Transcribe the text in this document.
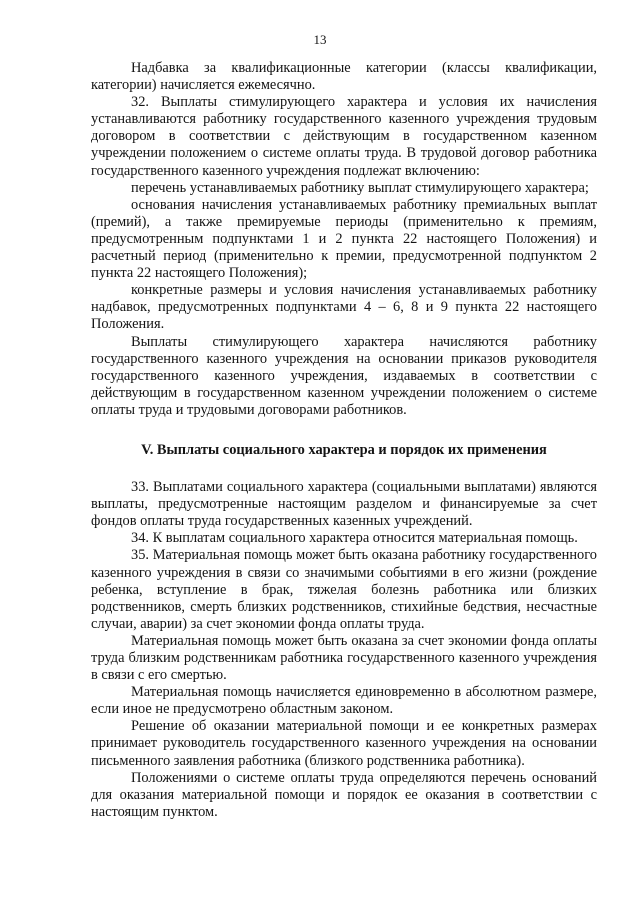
13

Надбавка за квалификационные категории (классы квалификации, категории) начисляется ежемесячно.

32. Выплаты стимулирующего характера и условия их начисления устанавливаются работнику государственного казенного учреждения трудовым договором в соответствии с действующим в государственном казенном учреждении положением о системе оплаты труда. В трудовой договор работника государственного казенного учреждения подлежат включению:

перечень устанавливаемых работнику выплат стимулирующего характера;

основания начисления устанавливаемых работнику премиальных выплат (премий), а также премируемые периоды (применительно к премиям, предусмотренным подпунктами 1 и 2 пункта 22 настоящего Положения) и расчетный период (применительно к премии, предусмотренной подпунктом 2 пункта 22 настоящего Положения);

конкретные размеры и условия начисления устанавливаемых работнику надбавок, предусмотренных подпунктами 4 – 6, 8 и 9 пункта 22 настоящего Положения.

Выплаты стимулирующего характера начисляются работнику государственного казенного учреждения на основании приказов руководителя государственного казенного учреждения, издаваемых в соответствии с действующим в государственном казенном учреждении положением о системе оплаты труда и трудовыми договорами работников.

V. Выплаты социального характера и порядок их применения

33. Выплатами социального характера (социальными выплатами) являются выплаты, предусмотренные настоящим разделом и финансируемые за счет фондов оплаты труда государственных казенных учреждений.

34. К выплатам социального характера относится материальная помощь.

35. Материальная помощь может быть оказана работнику государственного казенного учреждения в связи со значимыми событиями в его жизни (рождение ребенка, вступление в брак, тяжелая болезнь работника или близких родственников, смерть близких родственников, стихийные бедствия, несчастные случаи, аварии) за счет экономии фонда оплаты труда.

Материальная помощь может быть оказана за счет экономии фонда оплаты труда близким родственникам работника государственного казенного учреждения в связи с его смертью.

Материальная помощь начисляется единовременно в абсолютном размере, если иное не предусмотрено областным законом.

Решение об оказании материальной помощи и ее конкретных размерах принимает руководитель государственного казенного учреждения на основании письменного заявления работника (близкого родственника работника).

Положениями о системе оплаты труда определяются перечень оснований для оказания материальной помощи и порядок ее оказания в соответствии с настоящим пунктом.
